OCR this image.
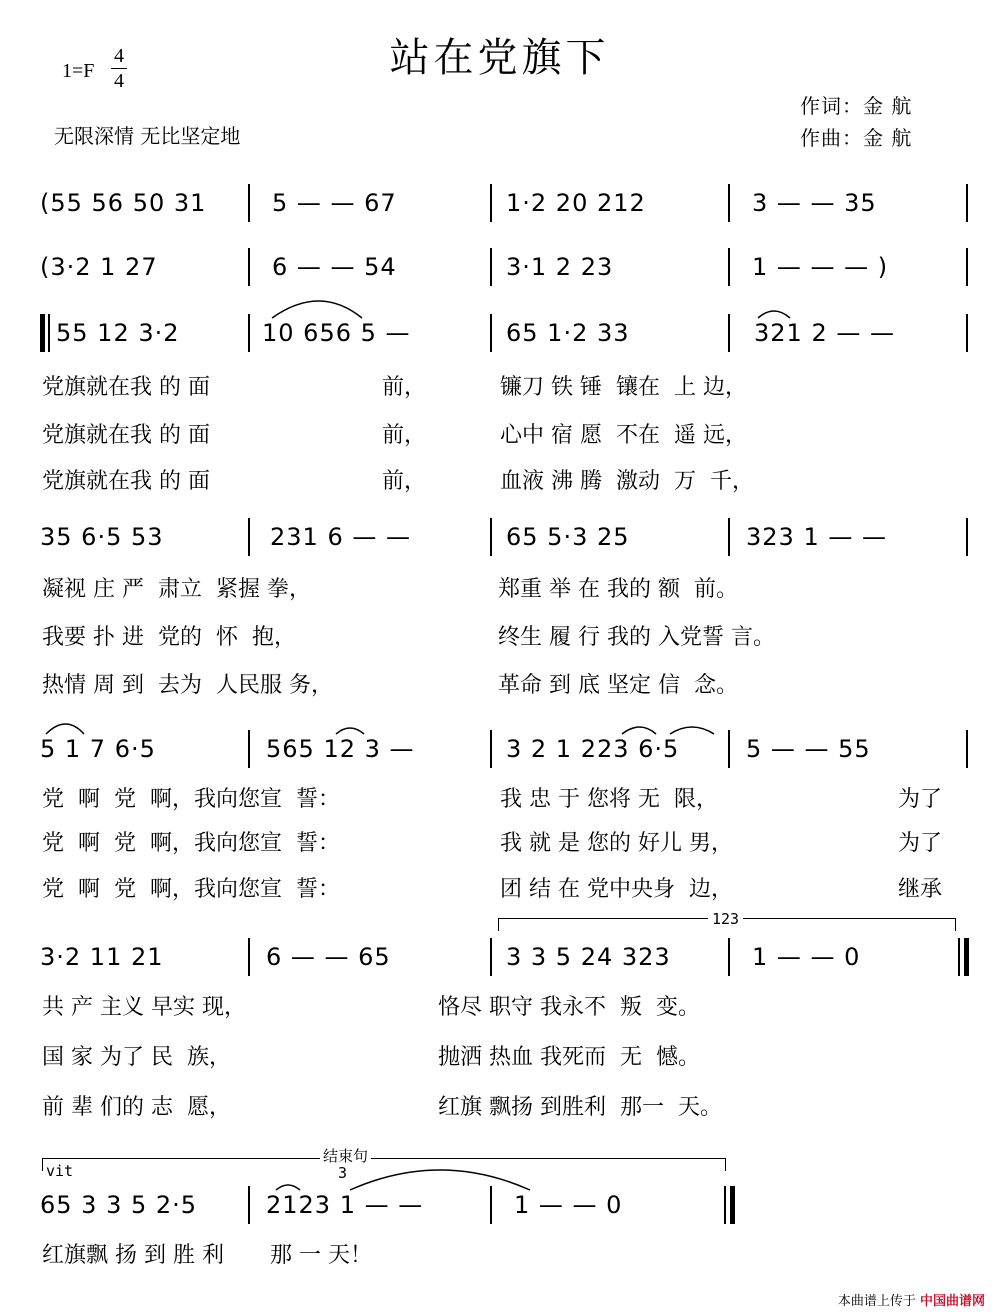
站在党旗下
1=F
4
4
无限深情 无比坚定地
作词：金 航
作曲：金 航
(55 56 50 31	5 — — 67	1·2 20 212	3 — — 35
(3·2 1 27	6 — — 54	3·1 2 23	1 — — — )
55 12 3·2	10 656 5 —	65 1·2 33	321 2 — —
党旗就在我 的 面	前，	镰刀 铁 锤  镶在  上 边，
党旗就在我 的 面	前，	心中 宿 愿  不在  遥 远，
党旗就在我 的 面	前，	血液 沸 腾  激动  万  千，
35 6·5 53	231 6 — —	65 5·3 25	323 1 — —
凝视 庄 严  肃立  紧握 拳，	郑重 举 在 我的 额  前。
我要 扑 进  党的  怀  抱，	终生 履 行 我的 入党誓 言。
热情 周 到  去为  人民服 务，	革命 到 底 坚定 信  念。
5 1 7 6·5	565 12 3 —	3 2 1 223 6·5	5 — — 55
党  啊  党  啊，我向您宣  誓：	我 忠 于 您将 无  限，	为了
党  啊  党  啊，我向您宣  誓：	我 就 是 您的 好儿 男，	为了
党  啊  党  啊，我向您宣  誓：	团 结 在 党中央身  边，	继承
123
3·2 11 21	6 — — 65	3 3 5 24 323	1 — — 0
共 产 主义 早实 现，	恪尽 职守 我永不  叛  变。
国 家 为了 民  族，	抛洒 热血 我死而  无  憾。
前 辈 们的 志  愿，	红旗 飘扬 到胜利  那一  天。
vit
结束句
3
65 3 3 5 2·5	2123 1 — —	1 — — 0
红旗飘 扬 到 胜 利 那 一 天！
本曲谱上传于 中国曲谱网
